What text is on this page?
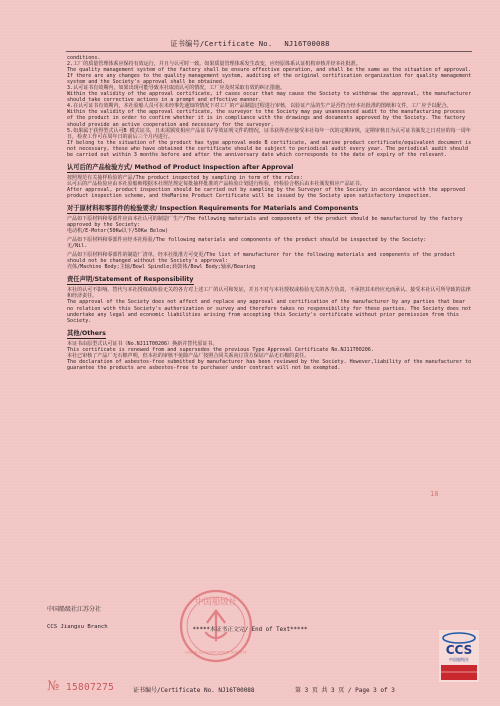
证书编号/Certificate No. NJ16T00088

conditions.

2.工厂的质量管理体系应保持有效运行，并且与认可时一致。如果质量管理体系发生改变，应经原体系认证机构审核并经本社批准。

The quality management system of the factory shall be ensure effective operation, and shall be the same as the situation of approval. If there are any changes to the quality management system, auditing of the original certification organization for quality management system and the Society's approval shall be obtained.

3.认可证书有效期内，如果出现可能导致本社取消认可的情况，工厂应及时采取有效的纠正措施。

Within the validity of the approval certificate, if cases occur that may cause the Society to withdraw the approval, the manufacturer should take corrective actions in a prompt and effective manner.

4.在认可证书有效期内，本社验船人员可在未经事先通知的情况下对工厂的产品制造过程进行审核，以验证产品的生产是否符合经本社批准的图纸和文件，工厂应予以配合。

Within the validity of the approval certificate, the surveyor to the Society may pay unannounced audit to the manufacturing process of the product in order to confirm whether it is in compliance with the drawings and documents approved by the Society. The factory should provide an active cooperation and necessary for the surveyor.

5.如果属于获得型式认可B 模式证书，且未需颁发相应产品证书/等效证明文件的情况，证书获得者应接受本社每年一次的定期审核，定期审核日为认可证书颁发之日对应的每一周年日，检查工作可在周年日的前后三个月内进行。

If belong to the situation of the product has type approval mode B certificate, and marine product certificate/equivalent document is not necessary, those who have obtained the certificate should be subject to periodical audit every year. The periodical audit should be carried out within 3 months before and after the anniversary date which corresponds to the date of expiry of the relevant.

认可后的产品检验方式/ Method of Product Inspection after Approval

按照规范有关抽样检验的产品/The product inspected by sampling in term of the rules:

认可后的产品检验应由本社验船师根据本社规范规定每批抽样批准的产品检验计划进行检验，经检验合格后由本社颁发相应产品证书。

After approval, product inspection should be carried out by sampling by the Surveyor of the Society in accordance with the approved product inspection scheme, and theMarine Product Certificate will be issued by the Society upon satisfactory inspection.

对于原材料和零部件的检验要求/ Inspection Requirements for Materials and Components

产品如下原材料和零部件应由本社认可的制造厂生产/The following materials and components of the product should be manufactured by the factory approved by the Society:

电动机/E-Motor(50Kw以下/50Kw Below)

产品如下原材料和零部件应经本社检验/The following materials and components of the product should be inspected by the Society:

无/Nil.

产品如下原材料和零部件的制造厂清单，经本社批准方可变更/The list of manufacturer for the following materials and components of the product should not be changed without the Society's approval:

壳体/Machine Body;主轴/Bowl Spindle;转鼓体/Bowl Body;轴承/Bearing

责任声明/Statement of Responsibility

本社的认可不影响、替代与本社授权或检验无关的各方对上述工厂的认可和发证，并且不对与本社授权或检验无关的各方负责，不承担其未经应允而承认、接受本社认可所导致的法律和经济责任。

The approval of the Society does not affect and replace any approval and certification of the manufacturer by any parties that bear no relation with this Society's authorization or survey and therefore takes no responsibility for these parties. The Society does not undertake any legal and economic liabilities arising from accepting this Society's certificate without prior permission from this Society.

其他/Others

本证书由原型式认可证书（No.NJ11T00206）换新并替代原证书。

This certificate is renewed from and supersedes the previous Type Approval Certificate No.NJ11T00206.

本社已审核了产品厂无石棉声明，但本社的审核不免除产品厂按照合同关系向订货方保证产品无石棉的责任。

The declaration of asbestos-free submitted by manufacturer has been reviewed by the Society. However,liability of the manufacturer to guarantee the products are asbestos-free to purchaser under contract will not be exempted.

18
中国船级社江苏分社
CCS Jiangsu Branch
中国船级社
CHINA CLASSIFICATION SOCIETY
*****本证书正文完/ End of Text*****
CCS
中国船级社
№ 15807275	证书编号/Certificate No. NJ16T00088	第 3 页 共 3 页 / Page 3 of 3
